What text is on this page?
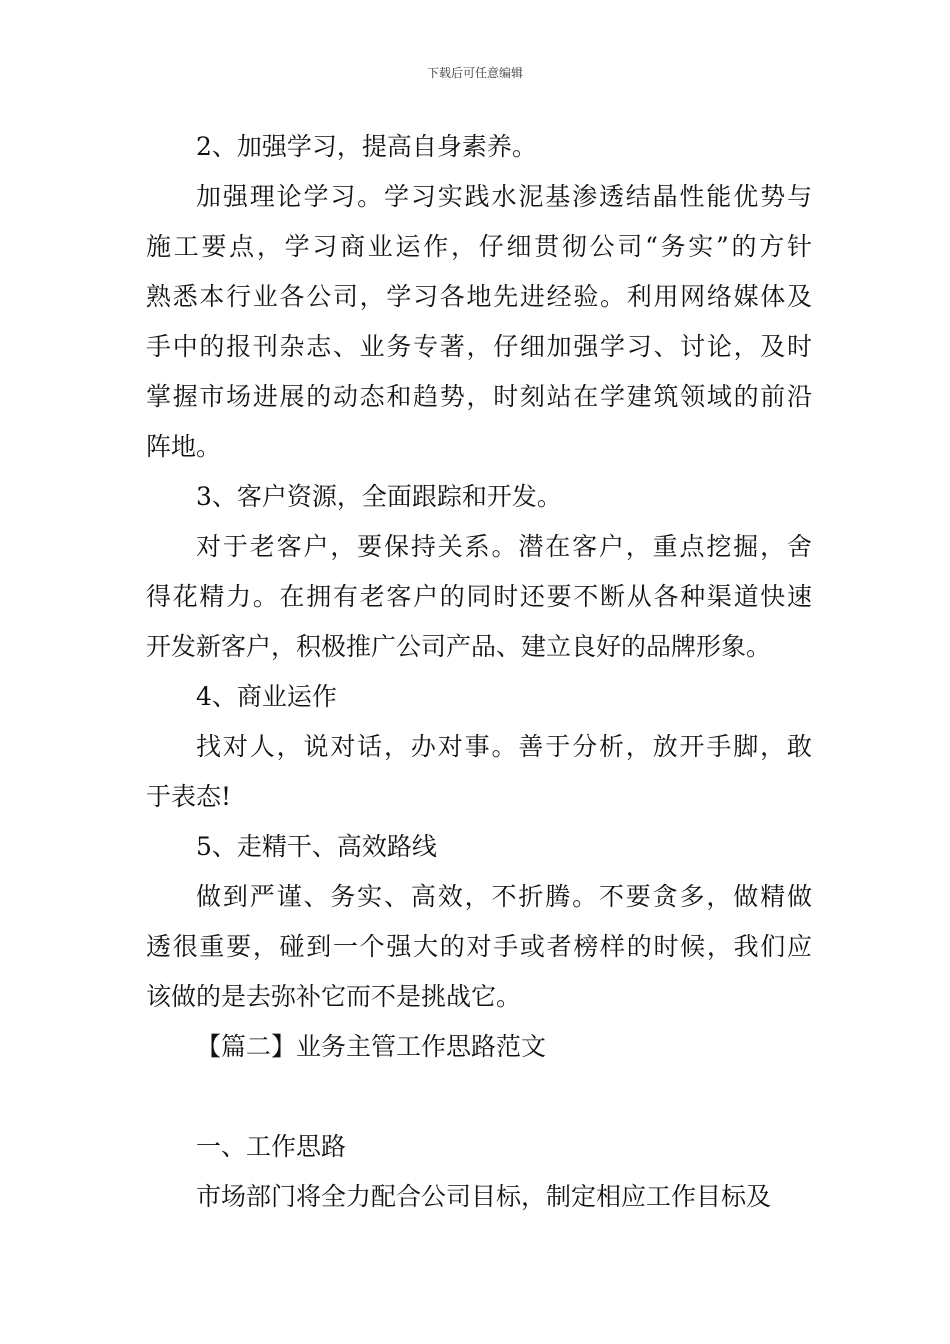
下载后可任意编辑
2、加强学习，提高自身素养。
加强理论学习。学习实践水泥基渗透结晶性能优势与
施工要点，学习商业运作，仔细贯彻公司“务实”的方针
熟悉本行业各公司，学习各地先进经验。利用网络媒体及
手中的报刊杂志、业务专著，仔细加强学习、讨论，及时
掌握市场进展的动态和趋势，时刻站在学建筑领域的前沿
阵地。
3、客户资源，全面跟踪和开发。
对于老客户，要保持关系。潜在客户，重点挖掘，舍
得花精力。在拥有老客户的同时还要不断从各种渠道快速
开发新客户，积极推广公司产品、建立良好的品牌形象。
4、商业运作
找对人，说对话，办对事。善于分析，放开手脚，敢
于表态!
5、走精干、高效路线
做到严谨、务实、高效，不折腾。不要贪多，做精做
透很重要，碰到一个强大的对手或者榜样的时候，我们应
该做的是去弥补它而不是挑战它。
【篇二】业务主管工作思路范文
一、工作思路
市场部门将全力配合公司目标，制定相应工作目标及
